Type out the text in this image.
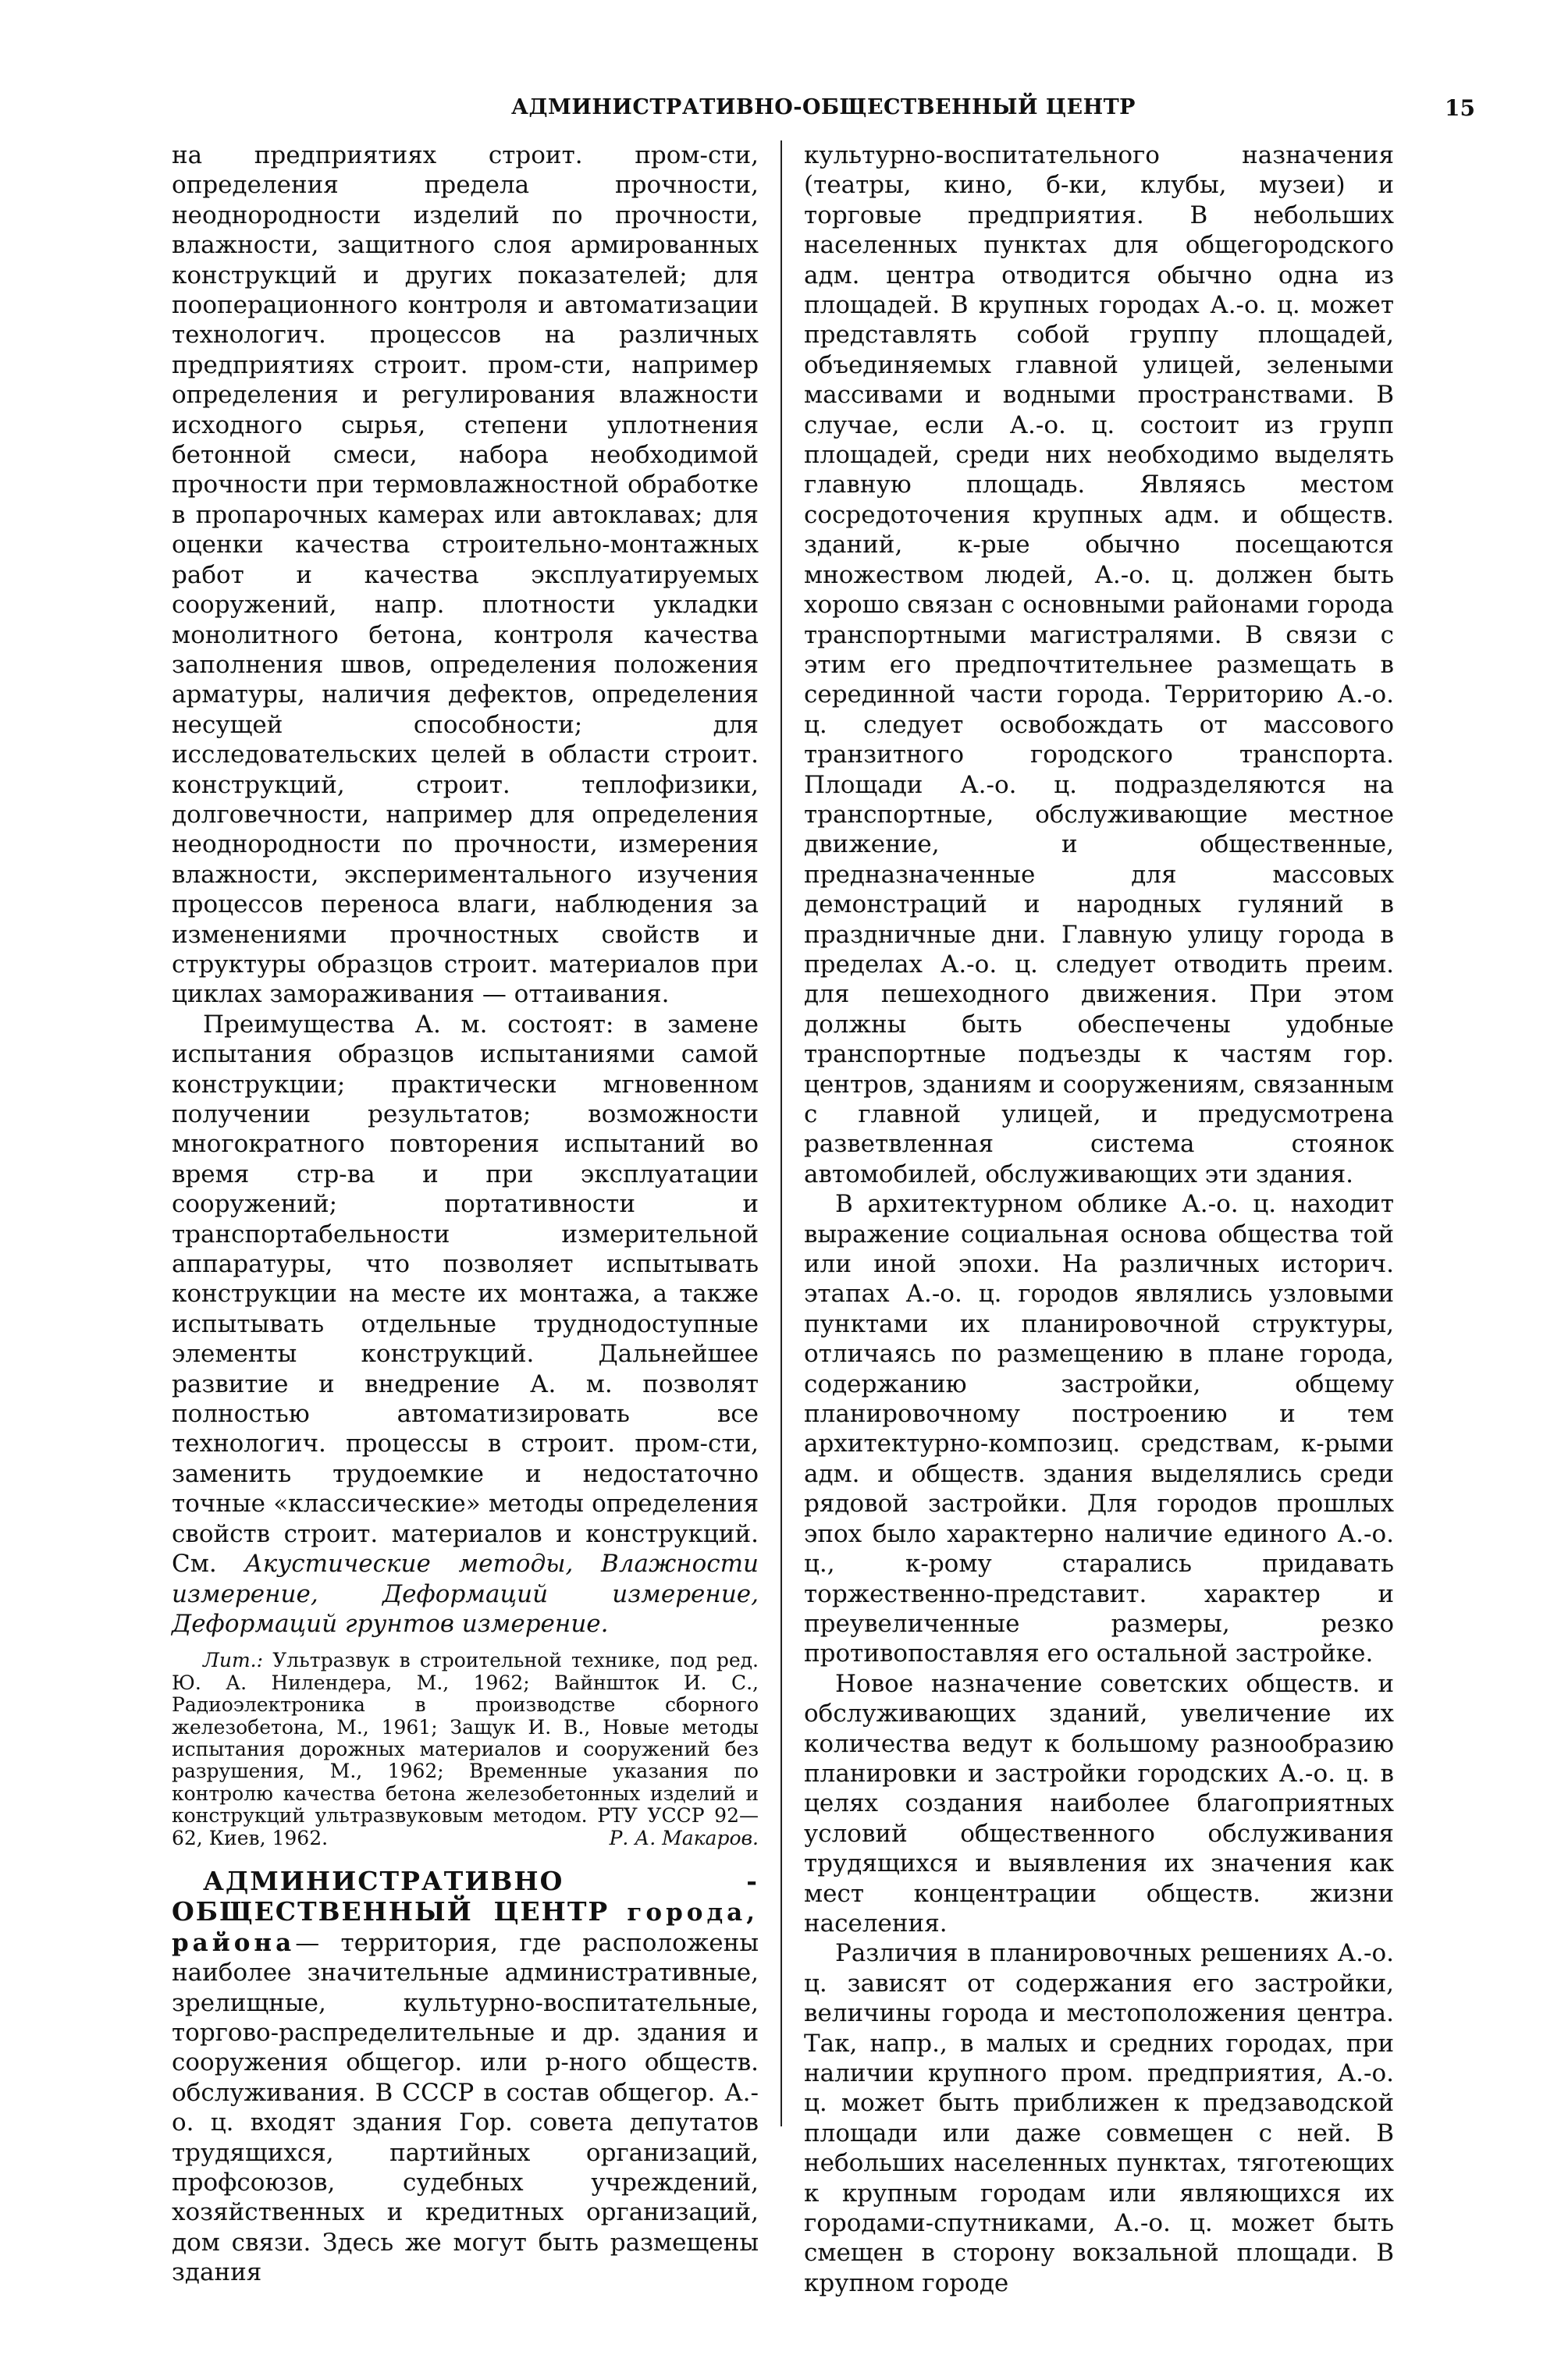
АДМИНИСТРАТИВНО-ОБЩЕСТВЕННЫЙ ЦЕНТР	15

на предприятиях строит. пром-сти, определения предела прочности, неоднородности изделий по прочности, влажности, защитного слоя армированных конструкций и других показателей; для пооперационного контроля и автоматизации технологич. процессов на различных предприятиях строит. пром-сти, например определения и регулирования влажности исходного сырья, степени уплотнения бетонной смеси, набора необходимой прочности при термовлажностной обработке в пропарочных камерах или автоклавах; для оценки качества строительно-монтажных работ и качества эксплуатируемых сооружений, напр. плотности укладки монолитного бетона, контроля качества заполнения швов, определения положения арматуры, наличия дефектов, определения несущей способности; для исследовательских целей в области строит. конструкций, строит. теплофизики, долговечности, например для определения неоднородности по прочности, измерения влажности, экспериментального изучения процессов переноса влаги, наблюдения за изменениями прочностных свойств и структуры образцов строит. материалов при циклах замораживания — оттаивания.

Преимущества А. м. состоят: в замене испытания образцов испытаниями самой конструкции; практически мгновенном получении результатов; возможности многократного повторения испытаний во время стр-ва и при эксплуатации сооружений; портативности и транспортабельности измерительной аппаратуры, что позволяет испытывать конструкции на месте их монтажа, а также испытывать отдельные труднодоступные элементы конструкций. Дальнейшее развитие и внедрение А. м. позволят полностью автоматизировать все технологич. процессы в строит. пром-сти, заменить трудоемкие и недостаточно точные «классические» методы определения свойств строит. материалов и конструкций. См. Акустические методы, Влажности измерение, Деформаций измерение, Деформаций грунтов измерение.

Лит.: Ультразвук в строительной технике, под ред. Ю. А. Нилендера, М., 1962; Вайншток И. С., Радиоэлектроника в производстве сборного железобетона, М., 1961; Защук И. В., Новые методы испытания дорожных материалов и сооружений без разрушения, М., 1962; Временные указания по контролю качества бетона железобетонных изделий и конструкций ультразвуковым методом. РТУ УССР 92—62, Киев, 1962.	Р. А. Макаров.

АДМИНИСТРАТИВНО - ОБЩЕСТВЕННЫЙ ЦЕНТР города, района— территория, где расположены наиболее значительные административные, зрелищные, культурно-воспитательные, торгово-распределительные и др. здания и сооружения общегор. или р-ного обществ. обслуживания. В СССР в состав общегор. А.-о. ц. входят здания Гор. совета депутатов трудящихся, партийных организаций, профсоюзов, судебных учреждений, хозяйственных и кредитных организаций, дом связи. Здесь же могут быть размещены здания

культурно-воспитательного назначения (театры, кино, б-ки, клубы, музеи) и торговые предприятия. В небольших населенных пунктах для общегородского адм. центра отводится обычно одна из площадей. В крупных городах А.-о. ц. может представлять собой группу площадей, объединяемых главной улицей, зелеными массивами и водными пространствами. В случае, если А.-о. ц. состоит из групп площадей, среди них необходимо выделять главную площадь. Являясь местом сосредоточения крупных адм. и обществ. зданий, к-рые обычно посещаются множеством людей, А.-о. ц. должен быть хорошо связан с основными районами города транспортными магистралями. В связи с этим его предпочтительнее размещать в серединной части города. Территорию А.-о. ц. следует освобождать от массового транзитного городского транспорта. Площади А.-о. ц. подразделяются на транспортные, обслуживающие местное движение, и общественные, предназначенные для массовых демонстраций и народных гуляний в праздничные дни. Главную улицу города в пределах А.-о. ц. следует отводить преим. для пешеходного движения. При этом должны быть обеспечены удобные транспортные подъезды к частям гор. центров, зданиям и сооружениям, связанным с главной улицей, и предусмотрена разветвленная система стоянок автомобилей, обслуживающих эти здания.

В архитектурном облике А.-о. ц. находит выражение социальная основа общества той или иной эпохи. На различных историч. этапах А.-о. ц. городов являлись узловыми пунктами их планировочной структуры, отличаясь по размещению в плане города, содержанию застройки, общему планировочному построению и тем архитектурно-композиц. средствам, к-рыми адм. и обществ. здания выделялись среди рядовой застройки. Для городов прошлых эпох было характерно наличие единого А.-о. ц., к-рому старались придавать торжественно-представит. характер и преувеличенные размеры, резко противопоставляя его остальной застройке.

Новое назначение советских обществ. и обслуживающих зданий, увеличение их количества ведут к большому разнообразию планировки и застройки городских А.-о. ц. в целях создания наиболее благоприятных условий общественного обслуживания трудящихся и выявления их значения как мест концентрации обществ. жизни населения.

Различия в планировочных решениях А.-о. ц. зависят от содержания его застройки, величины города и местоположения центра. Так, напр., в малых и средних городах, при наличии крупного пром. предприятия, А.-о. ц. может быть приближен к предзаводской площади или даже совмещен с ней. В небольших населенных пунктах, тяготеющих к крупным городам или являющихся их городами-спутниками, А.-о. ц. может быть смещен в сторону вокзальной площади. В крупном городе
